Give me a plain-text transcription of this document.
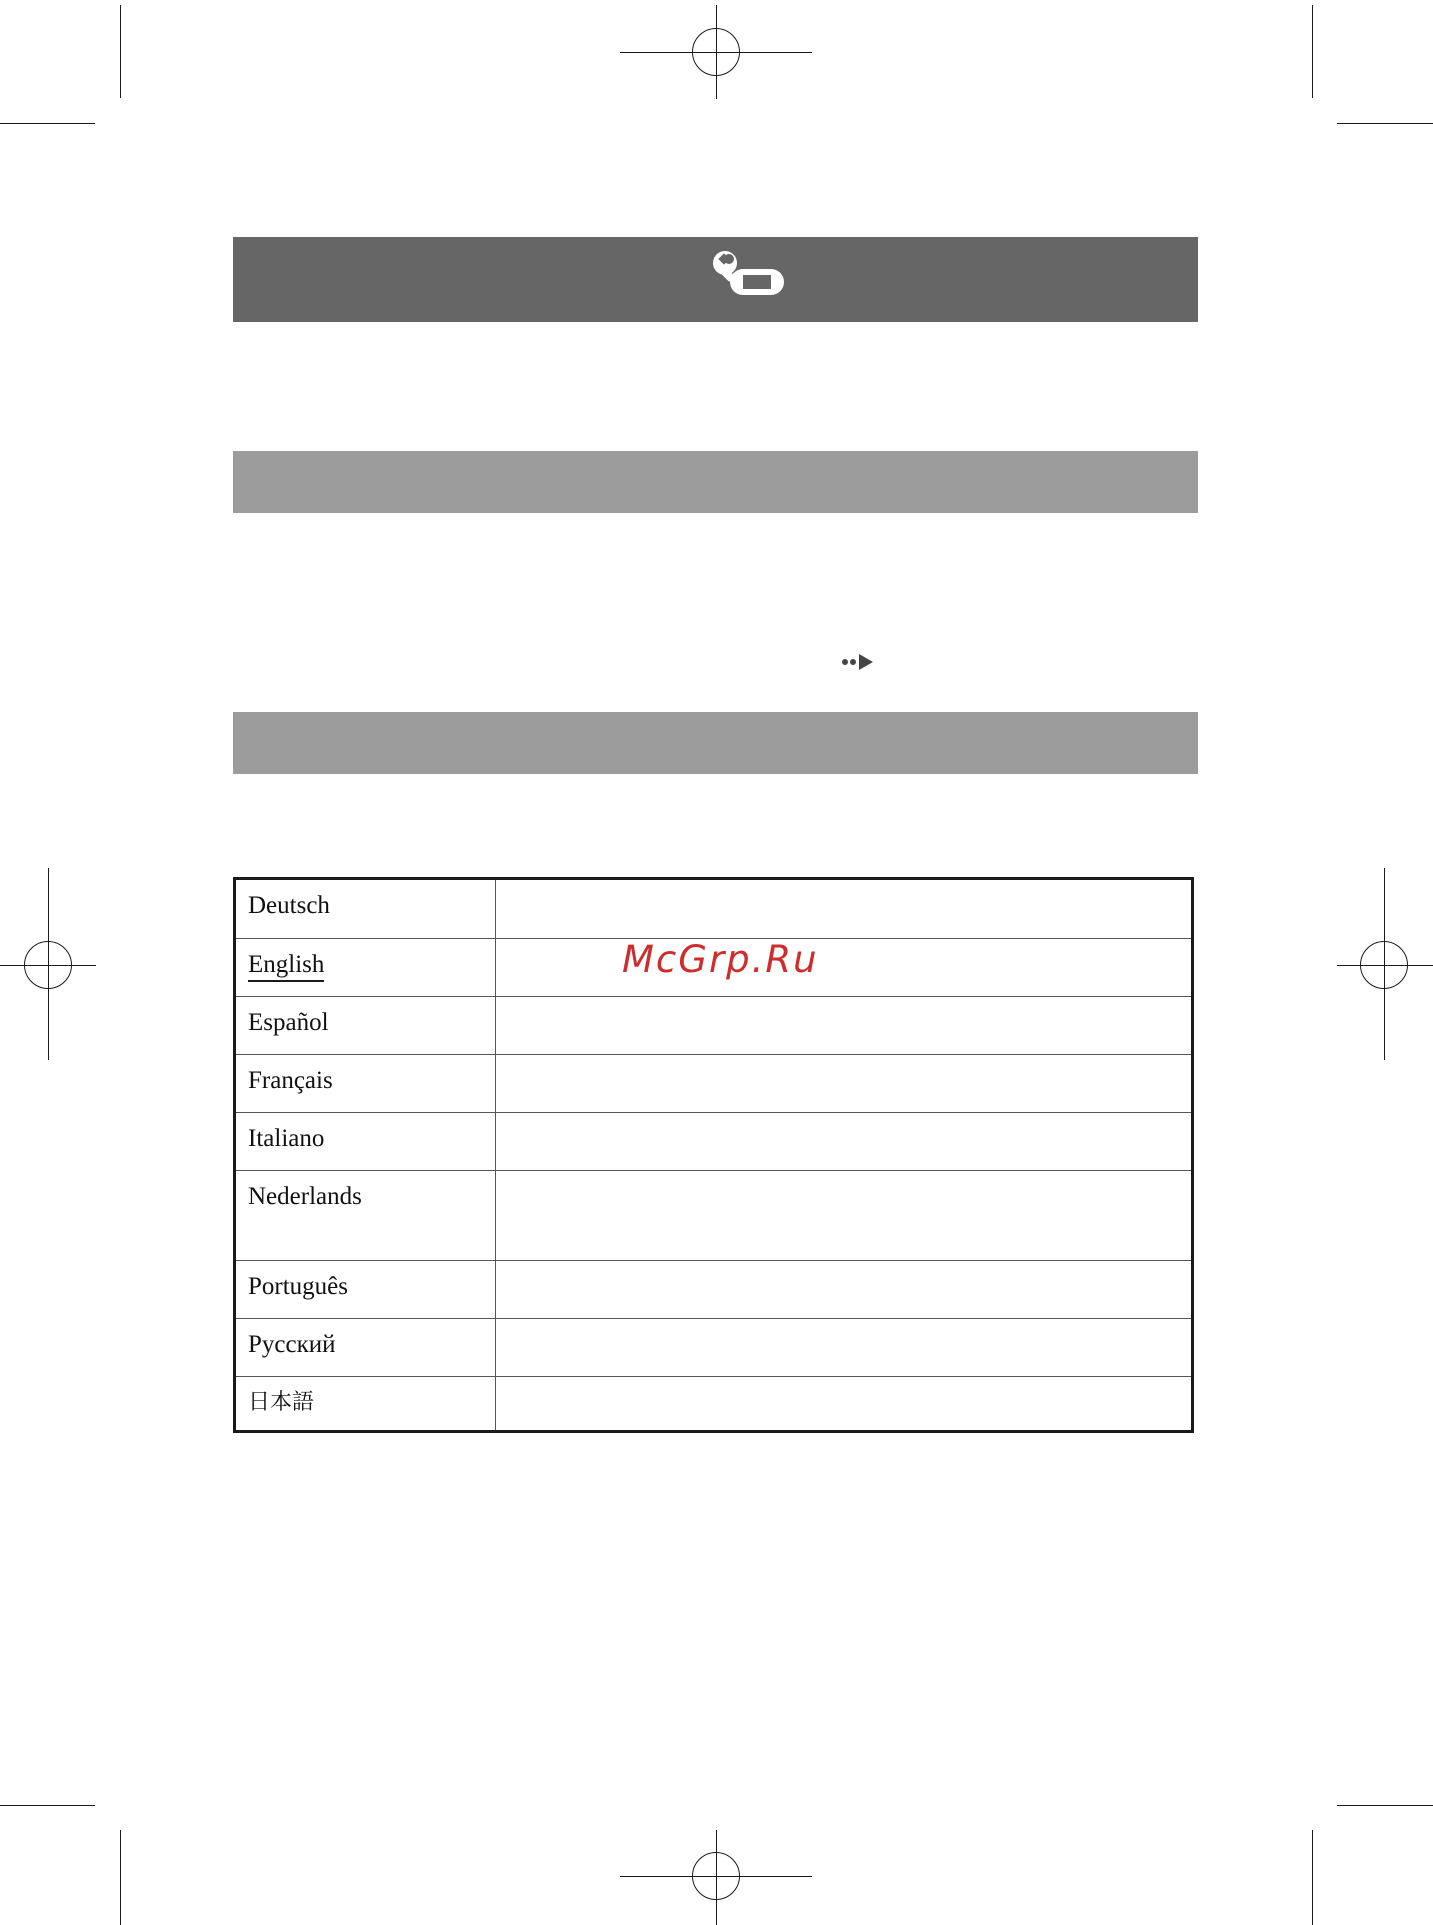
Deutsch
English
Español
Français
Italiano
Nederlands
Português
Русский
日本語
McGrp.Ru
